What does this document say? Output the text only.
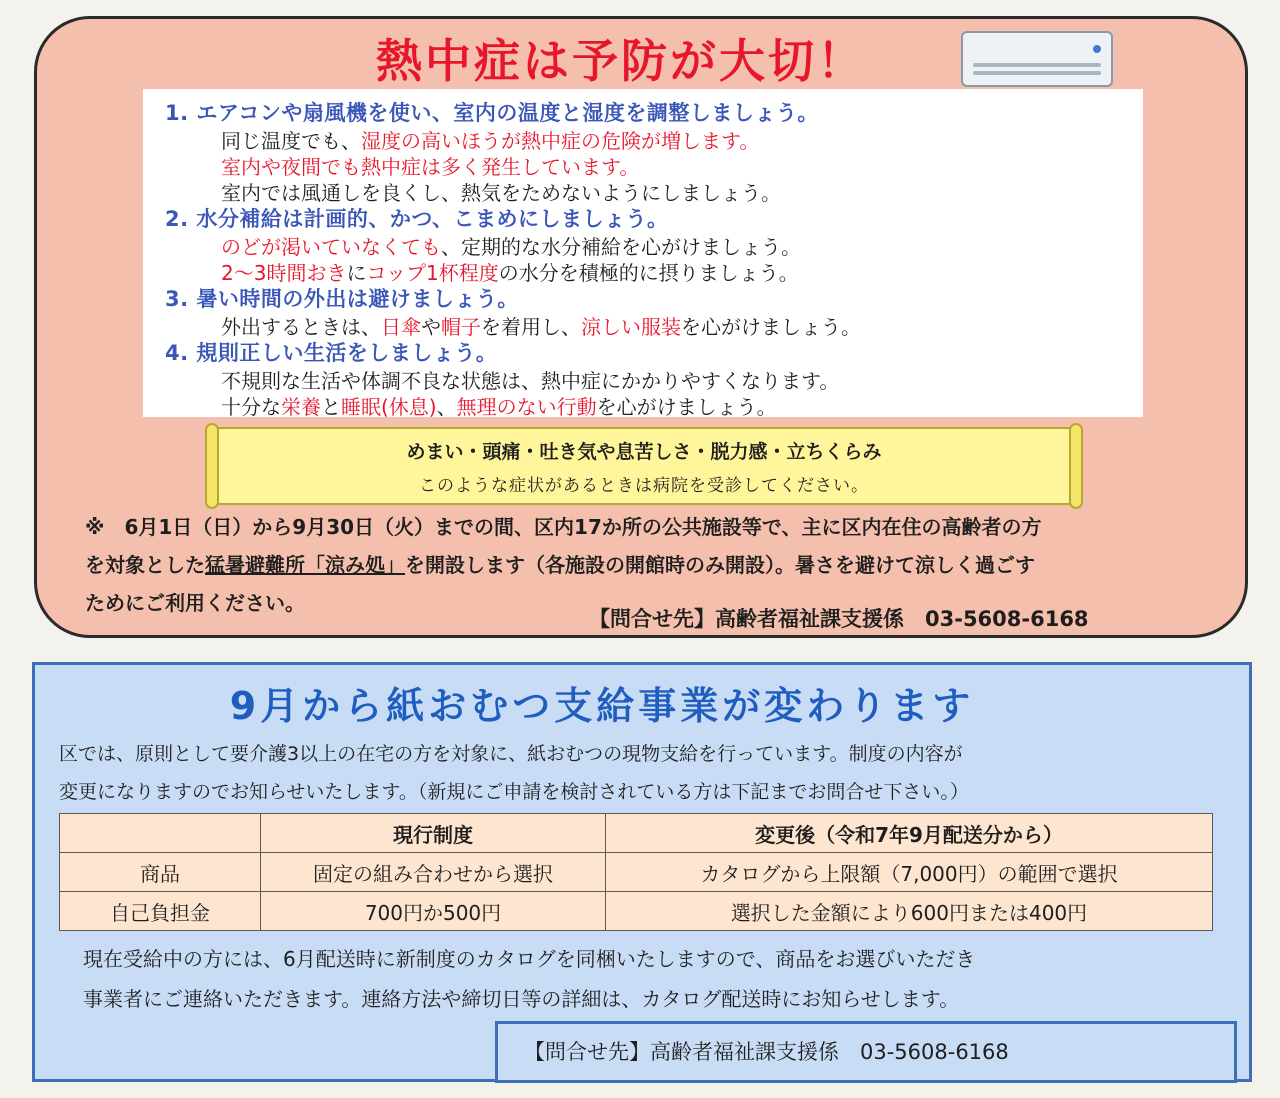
熱中症は予防が大切！
1. エアコンや扇風機を使い、室内の温度と湿度を調整しましょう。
同じ温度でも、湿度の高いほうが熱中症の危険が増します。
室内や夜間でも熱中症は多く発生しています。
室内では風通しを良くし、熱気をためないようにしましょう。
2. 水分補給は計画的、かつ、こまめにしましょう。
のどが渇いていなくても、定期的な水分補給を心がけましょう。
2～3時間おきにコップ1杯程度の水分を積極的に摂りましょう。
3. 暑い時間の外出は避けましょう。
外出するときは、日傘や帽子を着用し、涼しい服装を心がけましょう。
4. 規則正しい生活をしましょう。
不規則な生活や体調不良な状態は、熱中症にかかりやすくなります。
十分な栄養と睡眠(休息)、無理のない行動を心がけましょう。
めまい・頭痛・吐き気や息苦しさ・脱力感・立ちくらみ
このような症状があるときは病院を受診してください。
※　6月1日（日）から9月30日（火）までの間、区内17か所の公共施設等で、主に区内在住の高齢者の方
を対象とした猛暑避難所「涼み処」を開設します（各施設の開館時のみ開設）。暑さを避けて涼しく過ごす
ためにご利用ください。
【問合せ先】高齢者福祉課支援係　03-5608-6168
9月から紙おむつ支給事業が変わります
区では、原則として要介護3以上の在宅の方を対象に、紙おむつの現物支給を行っています。制度の内容が
変更になりますのでお知らせいたします。（新規にご申請を検討されている方は下記までお問合せ下さい。）
	現行制度	変更後（令和7年9月配送分から）
商品	固定の組み合わせから選択	カタログから上限額（7,000円）の範囲で選択
自己負担金	700円か500円	選択した金額により600円または400円
現在受給中の方には、6月配送時に新制度のカタログを同梱いたしますので、商品をお選びいただき
事業者にご連絡いただきます。連絡方法や締切日等の詳細は、カタログ配送時にお知らせします。
【問合せ先】高齢者福祉課支援係　03-5608-6168
